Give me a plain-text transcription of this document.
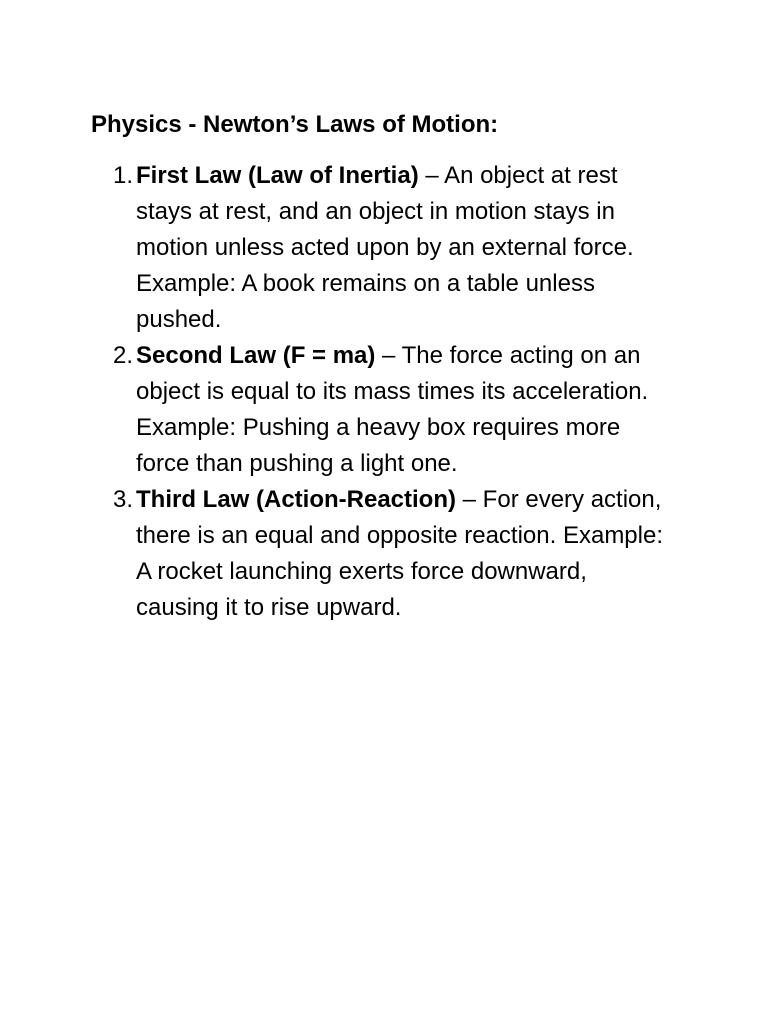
Physics - Newton’s Laws of Motion:
1. First Law (Law of Inertia) – An object at rest stays at rest, and an object in motion stays in motion unless acted upon by an external force. Example: A book remains on a table unless pushed.

2. Second Law (F = ma) – The force acting on an object is equal to its mass times its acceleration. Example: Pushing a heavy box requires more force than pushing a light one.

3. Third Law (Action-Reaction) – For every action, there is an equal and opposite reaction. Example: A rocket launching exerts force downward, causing it to rise upward.
